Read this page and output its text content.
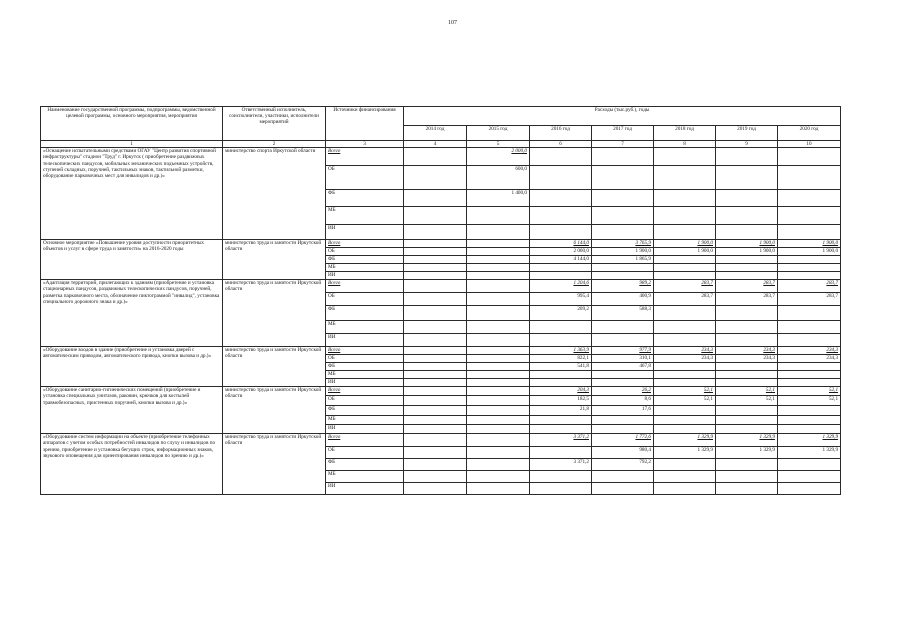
107
Наименование государственной программы, подпрограммы, ведомственной целевой программы, основного мероприятия, мероприятия	Ответственный исполнитель, соисполнители, участники, исполнители мероприятий	Источники финансирования	Расходы (тыс.руб.), годы						
			2014 год	2015 год	2016 год	2017 год	2018 год	2019 год	2020 год
1	2	3	4	5	6	7	8	9	10
«Оснащение испытательными средствами ОГАУ "Центр развития спортивной инфраструктуры" стадион "Труд" г. Иркутск ( приобретение раздвижных телескопических пандусов, мобильных механических подъемных устройств, ступеней складных, поручней, тактильных знаков, тактильной разметки, оборудование парковочных мест для инвалидов и др.)»	министерство спорта Иркутской области	Всего		2 000,0					
		ОБ		600,0					
		ФБ		1 400,0					
		МБ							
		ИИ							
Основное мероприятие «Повышение уровня доступности приоритетных объектов и услуг в сфере труда и занятости» на 2016-2020 годы	министерство труда и занятости Иркутской области	Всего			6 144,0	3 765,9	1 900,0	1 900,0	1 900,0
		ОБ			2 000,0	1 900,0	1 900,0	1 900,0	1 900,0
		ФБ			4 144,0	1 865,9			
		МБ							
		ИИ							
«Адаптация территорий, прилегающих к зданиям (приобретение и установка стационарных пандусов, раздвижных телескопических пандусов, поручней, разметка парковочного места, обозначение пиктограммой "инвалид", установка специального дорожного знака и др.)»	министерство труда и занятости Иркутской области	Всего			1 204,6	989,2	283,7	283,7	283,7
		ОБ			995,4	400,9	283,7	283,7	283,7
		ФБ			209,2	588,3			
		МБ							
		ИИ							
«Оборудование входов в здание (приобретение и установка дверей с автоматическим приводом, автоматического привода, кнопки вызова и др.)»	министерство труда и занятости Иркутской области	Всего			1 363,9	977,9	234,3	234,3	234,3
		ОБ			822,1	310,1	234,3	234,3	234,3
		ФБ			541,8	467,8			
		МБ							
		ИИ							
«Оборудование санитарно-гигиенических помещений (приобретение и установка специальных унитазов, раковин, крючков для костылей травмобезопасных, пристенных поручней, кнопки вызова и др.)»	министерство труда и занятости Иркутской области	Всего			204,3	26,2	52,1	52,1	52,1
		ОБ			182,5	8,6	52,1	52,1	52,1
		ФБ			21,8	17,6			
		МБ							
		ИИ							
«Оборудование систем информации на объекте (приобретение телефонных аппаратов с учетом особых потребностей инвалидов по слуху и инвалидов по зрению, приобретение и установка бегущих строк, информационных знаков, звукового оповещения для ориентирования инвалидов по зрению и др.)»	министерство труда и занятости Иркутской области	Всего			3 371,2	1 772,6	1 329,9	1 329,9	1 329,9
		ОБ				980,4	1 329,9	1 329,9	1 329,9
		ФБ			3 371,2	792,2			
		МБ							
		ИИ							
